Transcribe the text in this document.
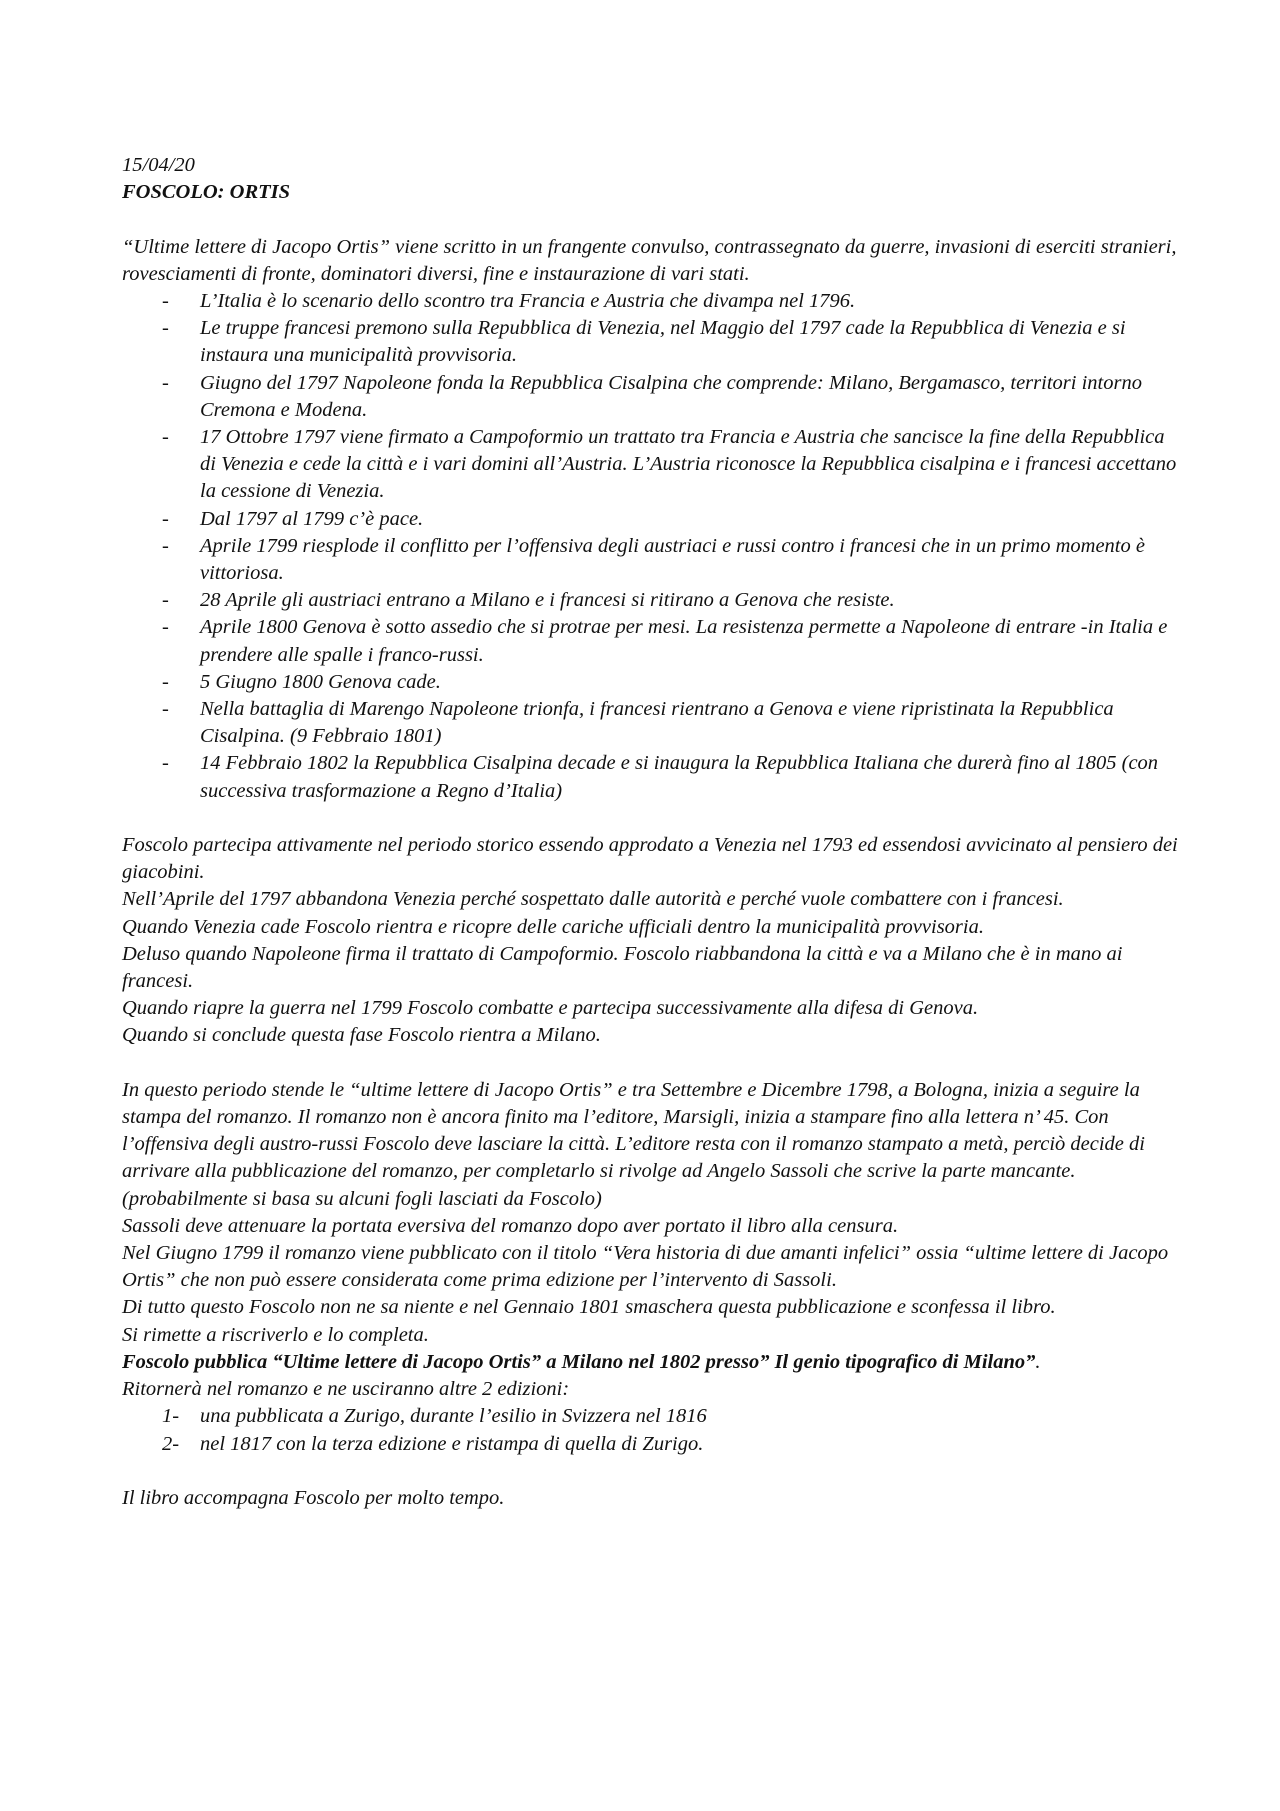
15/04/20

FOSCOLO: ORTIS

“Ultime lettere di Jacopo Ortis” viene scritto in un frangente convulso, contrassegnato da guerre, invasioni di eserciti stranieri, rovesciamenti di fronte, dominatori diversi, fine e instaurazione di vari stati.

- L’Italia è lo scenario dello scontro tra Francia e Austria che divampa nel 1796.
- Le truppe francesi premono sulla Repubblica di Venezia, nel Maggio del 1797 cade la Repubblica di Venezia e si instaura una municipalità provvisoria.
- Giugno del 1797 Napoleone fonda la Repubblica Cisalpina che comprende: Milano, Bergamasco, territori intorno Cremona e Modena.
- 17 Ottobre 1797 viene firmato a Campoformio un trattato tra Francia e Austria che sancisce la fine della Repubblica di Venezia e cede la città e i vari domini all’Austria. L’Austria riconosce la Repubblica cisalpina e i francesi accettano la cessione di Venezia.
- Dal 1797 al 1799 c’è pace.
- Aprile 1799 riesplode il conflitto per l’offensiva degli austriaci e russi contro i francesi che in un primo momento è vittoriosa.
- 28 Aprile gli austriaci entrano a Milano e i francesi si ritirano a Genova che resiste.
- Aprile 1800 Genova è sotto assedio che si protrae per mesi. La resistenza permette a Napoleone di entrare -in Italia e prendere alle spalle i franco-russi.
- 5 Giugno 1800 Genova cade.
- Nella battaglia di Marengo Napoleone trionfa, i francesi rientrano a Genova e viene ripristinata la Repubblica Cisalpina. (9 Febbraio 1801)
- 14 Febbraio 1802 la Repubblica Cisalpina decade e si inaugura la Repubblica Italiana che durerà fino al 1805 (con successiva trasformazione a Regno d’Italia)

Foscolo partecipa attivamente nel periodo storico essendo approdato a Venezia nel 1793 ed essendosi avvicinato al pensiero dei giacobini.

Nell’Aprile del 1797 abbandona Venezia perché sospettato dalle autorità e perché vuole combattere con i francesi.

Quando Venezia cade Foscolo rientra e ricopre delle cariche ufficiali dentro la municipalità provvisoria.

Deluso quando Napoleone firma il trattato di Campoformio. Foscolo riabbandona la città e va a Milano che è in mano ai francesi.

Quando riapre la guerra nel 1799 Foscolo combatte e partecipa successivamente alla difesa di Genova.

Quando si conclude questa fase Foscolo rientra a Milano.

In questo periodo stende le “ultime lettere di Jacopo Ortis” e tra Settembre e Dicembre 1798, a Bologna, inizia a seguire la stampa del romanzo. Il romanzo non è ancora finito ma l’editore, Marsigli, inizia a stampare fino alla lettera n’ 45. Con l’offensiva degli austro-russi Foscolo deve lasciare la città. L’editore resta con il romanzo stampato a metà, perciò decide di arrivare alla pubblicazione del romanzo, per completarlo si rivolge ad Angelo Sassoli che scrive la parte mancante. (probabilmente si basa su alcuni fogli lasciati da Foscolo)

Sassoli deve attenuare la portata eversiva del romanzo dopo aver portato il libro alla censura.

Nel Giugno 1799 il romanzo viene pubblicato con il titolo “Vera historia di due amanti infelici” ossia “ultime lettere di Jacopo Ortis” che non può essere considerata come prima edizione per l’intervento di Sassoli.

Di tutto questo Foscolo non ne sa niente e nel Gennaio 1801 smaschera questa pubblicazione e sconfessa il libro.

Si rimette a riscriverlo e lo completa.

Foscolo pubblica “Ultime lettere di Jacopo Ortis” a Milano nel 1802 presso” Il genio tipografico di Milano”.

Ritornerà nel romanzo e ne usciranno altre 2 edizioni:

1- una pubblicata a Zurigo, durante l’esilio in Svizzera nel 1816
2- nel 1817 con la terza edizione e ristampa di quella di Zurigo.

Il libro accompagna Foscolo per molto tempo.
